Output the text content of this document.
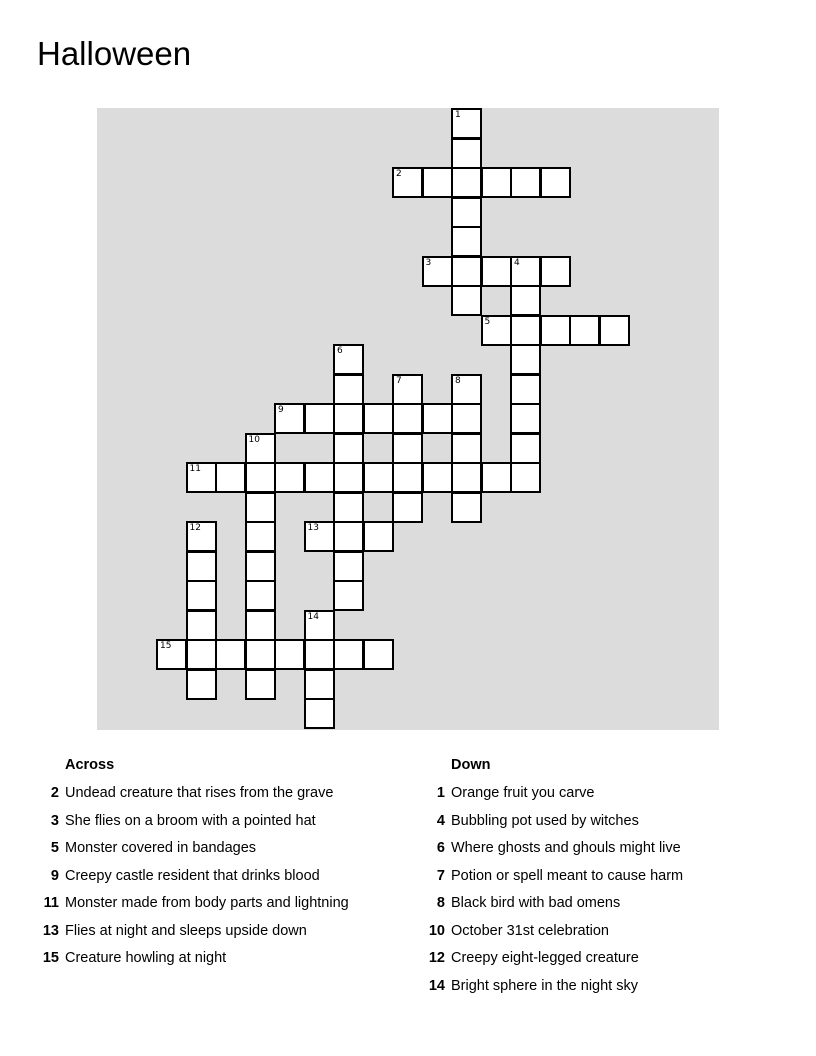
Halloween
2
3	4
5
9
11
13
15
1
6
7	8
10
12
14
Across
2 Undead creature that rises from the grave
3 She flies on a broom with a pointed hat
5 Monster covered in bandages
9 Creepy castle resident that drinks blood
11 Monster made from body parts and lightning
13 Flies at night and sleeps upside down
15 Creature howling at night
Down
1 Orange fruit you carve
4 Bubbling pot used by witches
6 Where ghosts and ghouls might live
7 Potion or spell meant to cause harm
8 Black bird with bad omens
10 October 31st celebration
12 Creepy eight-legged creature
14 Bright sphere in the night sky
